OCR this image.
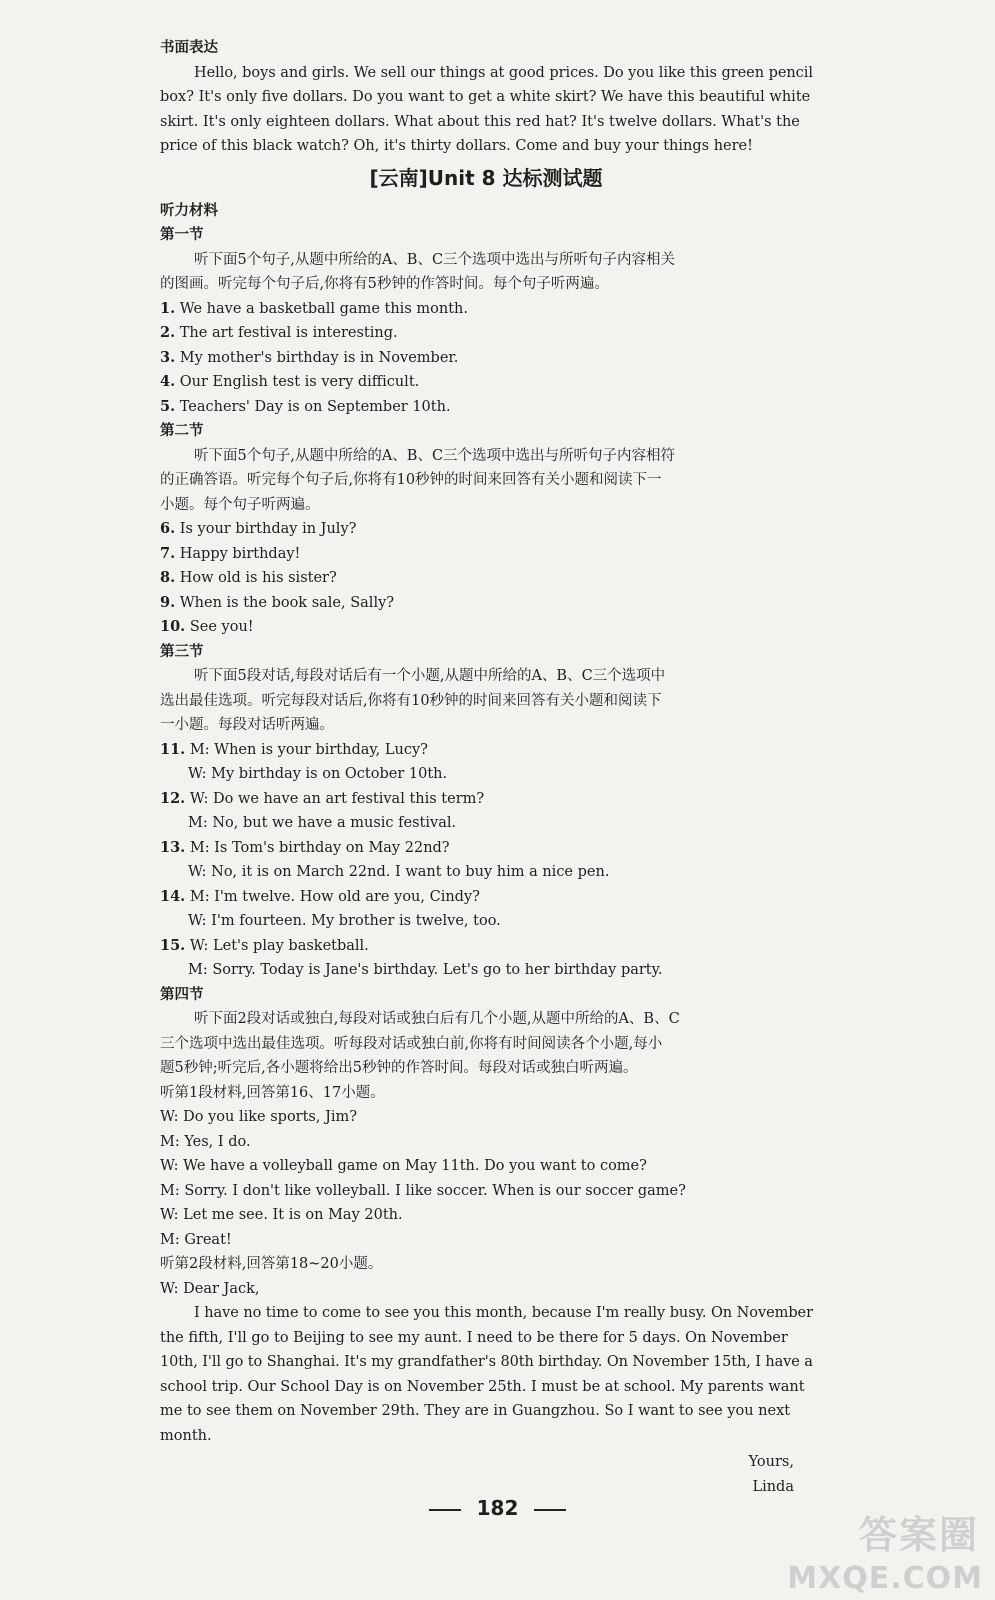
书面表达
Hello, boys and girls. We sell our things at good prices. Do you like this green pencil
box? It's only five dollars. Do you want to get a white skirt? We have this beautiful white
skirt. It's only eighteen dollars. What about this red hat? It's twelve dollars. What's the
price of this black watch? Oh, it's thirty dollars. Come and buy your things here!
[云南]Unit 8 达标测试题
听力材料
第一节
听下面5个句子,从题中所给的A、B、C三个选项中选出与所听句子内容相关
的图画。听完每个句子后,你将有5秒钟的作答时间。每个句子听两遍。
1. We have a basketball game this month.
2. The art festival is interesting.
3. My mother's birthday is in November.
4. Our English test is very difficult.
5. Teachers' Day is on September 10th.
第二节
听下面5个句子,从题中所给的A、B、C三个选项中选出与所听句子内容相符
的正确答语。听完每个句子后,你将有10秒钟的时间来回答有关小题和阅读下一
小题。每个句子听两遍。
6. Is your birthday in July?
7. Happy birthday!
8. How old is his sister?
9. When is the book sale, Sally?
10. See you!
第三节
听下面5段对话,每段对话后有一个小题,从题中所给的A、B、C三个选项中
选出最佳选项。听完每段对话后,你将有10秒钟的时间来回答有关小题和阅读下
一小题。每段对话听两遍。
11. M: When is your birthday, Lucy?
W: My birthday is on October 10th.
12. W: Do we have an art festival this term?
M: No, but we have a music festival.
13. M: Is Tom's birthday on May 22nd?
W: No, it is on March 22nd. I want to buy him a nice pen.
14. M: I'm twelve. How old are you, Cindy?
W: I'm fourteen. My brother is twelve, too.
15. W: Let's play basketball.
M: Sorry. Today is Jane's birthday. Let's go to her birthday party.
第四节
听下面2段对话或独白,每段对话或独白后有几个小题,从题中所给的A、B、C
三个选项中选出最佳选项。听每段对话或独白前,你将有时间阅读各个小题,每小
题5秒钟;听完后,各小题将给出5秒钟的作答时间。每段对话或独白听两遍。
听第1段材料,回答第16、17小题。
W: Do you like sports, Jim?
M: Yes, I do.
W: We have a volleyball game on May 11th. Do you want to come?
M: Sorry. I don't like volleyball. I like soccer. When is our soccer game?
W: Let me see. It is on May 20th.
M: Great!
听第2段材料,回答第18~20小题。
W: Dear Jack,
I have no time to come to see you this month, because I'm really busy. On November
the fifth, I'll go to Beijing to see my aunt. I need to be there for 5 days. On November
10th, I'll go to Shanghai. It's my grandfather's 80th birthday. On November 15th, I have a
school trip. Our School Day is on November 25th. I must be at school. My parents want
me to see them on November 29th. They are in Guangzhou. So I want to see you next
month.
Yours,
Linda
182
答案圈
MXQE.COM
